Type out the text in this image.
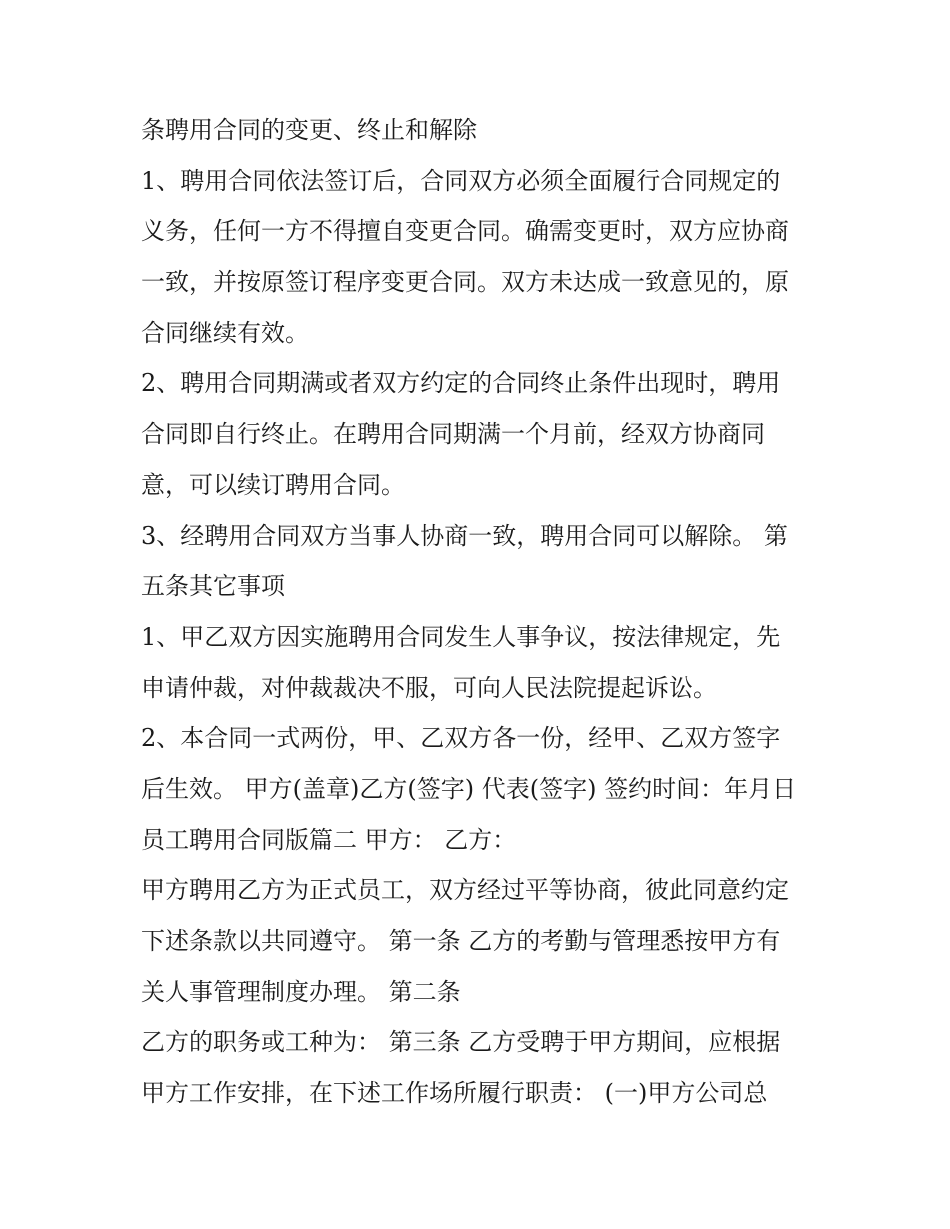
条聘用合同的变更、终止和解除
1、聘用合同依法签订后，合同双方必须全面履行合同规定的
义务，任何一方不得擅自变更合同。确需变更时，双方应协商
一致，并按原签订程序变更合同。双方未达成一致意见的，原
合同继续有效。
2、聘用合同期满或者双方约定的合同终止条件出现时，聘用
合同即自行终止。在聘用合同期满一个月前，经双方协商同
意，可以续订聘用合同。
3、经聘用合同双方当事人协商一致，聘用合同可以解除。 第
五条其它事项
1、甲乙双方因实施聘用合同发生人事争议，按法律规定，先
申请仲裁，对仲裁裁决不服，可向人民法院提起诉讼。
2、本合同一式两份，甲、乙双方各一份，经甲、乙双方签字
后生效。 甲方(盖章)乙方(签字) 代表(签字) 签约时间：年月日
员工聘用合同版篇二 甲方： 乙方：
甲方聘用乙方为正式员工，双方经过平等协商，彼此同意约定
下述条款以共同遵守。 第一条 乙方的考勤与管理悉按甲方有
关人事管理制度办理。 第二条
乙方的职务或工种为： 第三条 乙方受聘于甲方期间，应根据
甲方工作安排，在下述工作场所履行职责： (一)甲方公司总
